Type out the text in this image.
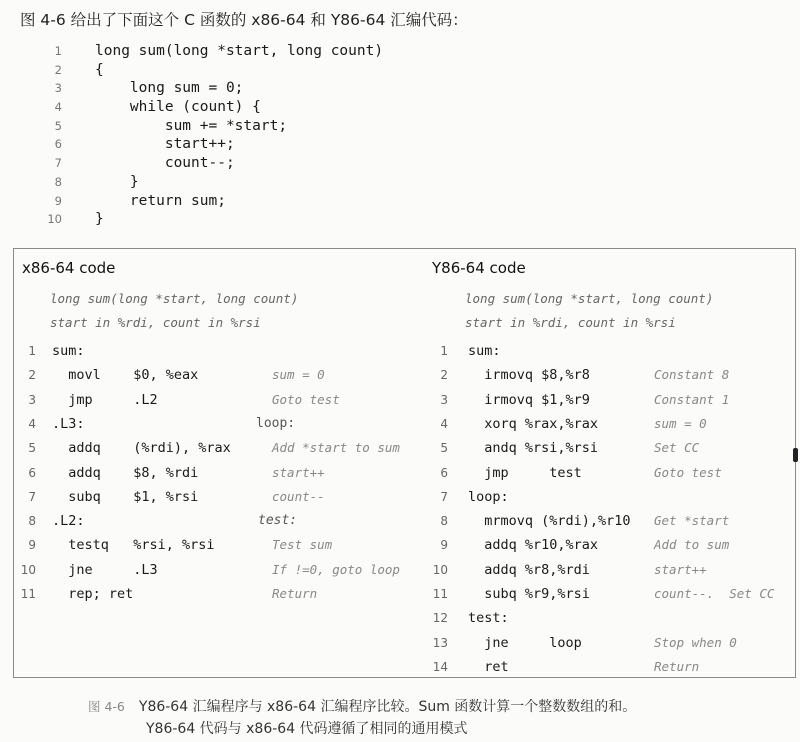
图 4-6 给出了下面这个 C 函数的 x86-64 和 Y86-64 汇编代码：
1 long sum(long *start, long count)
2 {
3 long sum = 0;
4 while (count) {
5 sum += *start;
6 start++;
7 count--;
8 }
9 return sum;
10 }
x86-64 code	Y86-64 code
long sum(long *start, long count)
start in %rdi, count in %rsi
long sum(long *start, long count)
start in %rdi, count in %rsi
1 sum:
2 movl    $0, %eax	sum = 0
3 jmp     .L2	Goto test
4 .L3:	loop:
5 addq    (%rdi), %rax	Add *start to sum
6 addq    $8, %rdi	start++
7 subq    $1, %rsi	count--
8 .L2:	test:
9 testq   %rsi, %rsi	Test sum
10 jne     .L3	If !=0, goto loop
11 rep; ret	Return
1 sum:
2 irmovq $8,%r8	Constant 8
3 irmovq $1,%r9	Constant 1
4 xorq %rax,%rax	sum = 0
5 andq %rsi,%rsi	Set CC
6 jmp     test	Goto test
7 loop:
8 mrmovq (%rdi),%r10 Get *start
9 addq %r10,%rax	Add to sum
10 addq %r8,%rdi	start++
11 subq %r9,%rsi	count--.  Set CC
12 test:
13 jne     loop	Stop when 0
14 ret	Return
图 4-6 Y86-64 汇编程序与 x86-64 汇编程序比较。Sum 函数计算一个整数数组的和。
Y86-64 代码与 x86-64 代码遵循了相同的通用模式
